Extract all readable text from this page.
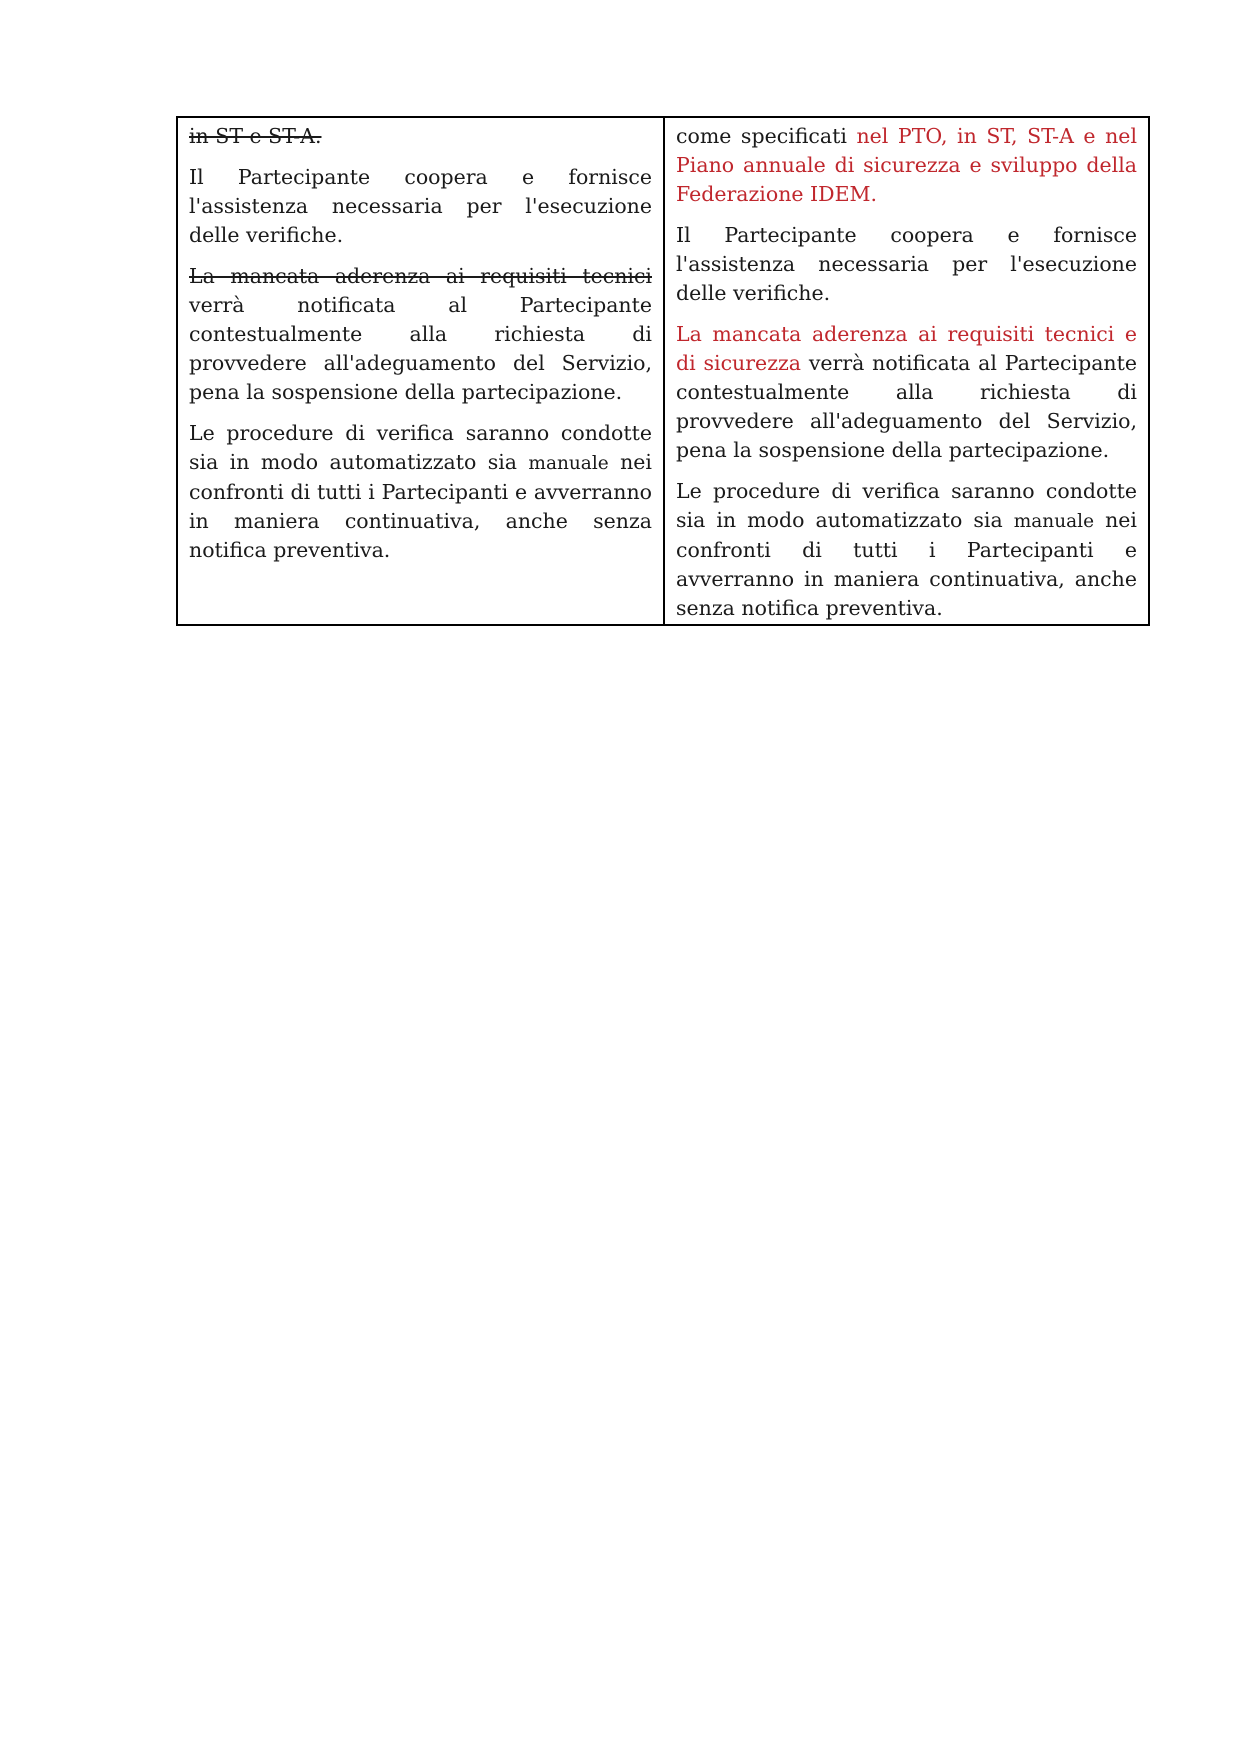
in ST e ST-A.

Il Partecipante coopera e fornisce l'assistenza necessaria per l'esecuzione delle verifiche.

La mancata aderenza ai requisiti tecnici verrà notificata al Partecipante contestualmente alla richiesta di provvedere all'adeguamento del Servizio, pena la sospensione della partecipazione.

Le procedure di verifica saranno condotte sia in modo automatizzato sia manuale nei confronti di tutti i Partecipanti e avverranno in maniera continuativa, anche senza notifica preventiva.

come specificati nel PTO, in ST, ST-A e nel Piano annuale di sicurezza e sviluppo della Federazione IDEM.

Il Partecipante coopera e fornisce l'assistenza necessaria per l'esecuzione delle verifiche.

La mancata aderenza ai requisiti tecnici e di sicurezza verrà notificata al Partecipante contestualmente alla richiesta di provvedere all'adeguamento del Servizio, pena la sospensione della partecipazione.

Le procedure di verifica saranno condotte sia in modo automatizzato sia manuale nei confronti di tutti i Partecipanti e avverranno in maniera continuativa, anche senza notifica preventiva.
